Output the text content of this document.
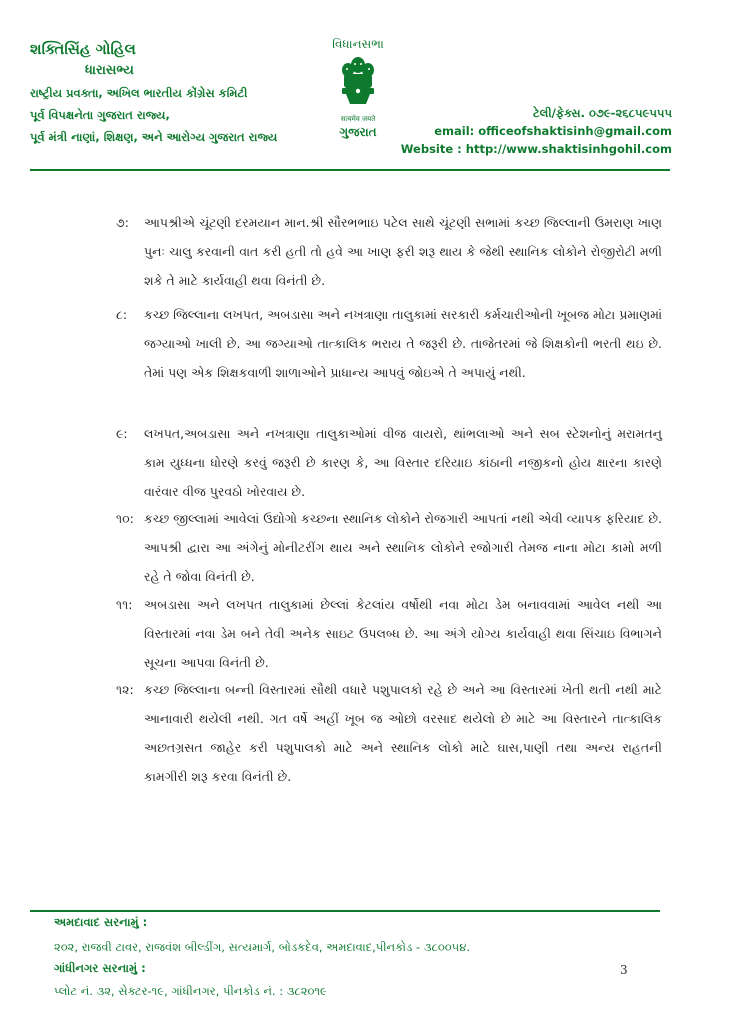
શક્તિસિંહ ગોહિલ
ધારાસભ્ય
રાષ્ટ્રીય પ્રવક્તા, અખિલ ભારતીય કોંગ્રેસ કમિટી
પૂર્વ વિપક્ષનેતા ગુજરાત રાજ્ય,
પૂર્વ મંત્રી નાણાં, શિક્ષણ, અને આરોગ્ય ગુજરાત રાજ્ય
વિધાનસભા
सत्यमेव जयते
ગુજરાત
ટેલી/ફેક્સ. ૦૭૯-૨૬૮૫૯૫૫૫
email: officeofshaktisinh@gmail.com
Website : http://www.shaktisinhgohil.com
૭:	આપશ્રીએ ચૂંટણી દરમયાન માન.શ્રી સૌરભભાઇ પટેલ સાથે ચૂંટણી સભામાં કચ્છ જિલ્લાની ઉમરાણ ખાણ પુનઃ ચાલુ કરવાની વાત કરી હતી તો હવે આ ખાણ ફરી શરૂ થાય કે જેથી સ્થાનિક લોકોને રોજીરોટી મળી શકે તે માટે કાર્યવાહી થવા વિનંતી છે.
૮:	કચ્છ જિલ્લાના લખપત, અબડાસા અને નખત્રાણા તાલુકામાં સરકારી કર્મચારીઓની ખૂબજ મોટા પ્રમાણમાં જગ્યાઓ ખાલી છે. આ જગ્યાઓ તાત્કાલિક ભરાય તે જરૂરી છે. તાજેતરમાં જે શિક્ષકોની ભરતી થઇ છે. તેમાં પણ એક શિક્ષકવાળી શાળાઓને પ્રાધાન્ય આપવું જોઇએ તે અપાયું નથી.
૯:	લખપત,અબડાસા અને નખત્રાણા તાલુકાઓમાં વીજ વાયરો, થાંભલાઓ અને સબ સ્ટેશનોનું મરામતનુ કામ યુધ્ધના ધોરણે કરવું જરૂરી છે કારણ કે, આ વિસ્તાર દરિયાઇ કાંઠાની નજીકનો હોય ક્ષારના કારણે વારંવાર વીજ પુરવઠો ખોરવાય છે.
૧૦: કચ્છ જીલ્લામાં આવેલાં ઉદ્યોગો કચ્છના સ્થાનિક લોકોને રોજગારી આપતાં નથી એવી વ્યાપક ફરિયાદ છે. આપશ્રી દ્વારા આ અંગેનું મોનીટરીંગ થાય અને સ્થાનિક લોકોને રજોગારી તેમજ નાના મોટા કામો મળી રહે તે જોવા વિનંતી છે.
૧૧: અબડાસા અને લખપત તાલુકામાં છેલ્લાં કેટલાંય વર્ષોથી નવા મોટા ડેમ બનાવવામાં આવેલ નથી આ વિસ્તારમાં નવા ડેમ બને તેવી અનેક સાઇટ ઉપલબ્ધ છે. આ અંગે યોગ્ય કાર્યવાહી થવા સિંચાઇ વિભાગને સૂચના આપવા વિનંતી છે.
૧૨: કચ્છ જિલ્લાના બન્ની વિસ્તારમાં સૌથી વધારે પશુપાલકો રહે છે અને આ વિસ્તારમાં ખેતી થતી નથી માટે આનાવારી થયેલી નથી. ગત વર્ષે અહીં ખૂબ જ ઓછો વરસાદ થયેલો છે માટે આ વિસ્તારને તાત્કાલિક અછતગ્રસત જાહેર કરી પશુપાલકો માટે અને સ્થાનિક લોકો માટે ઘાસ,પાણી તથા અન્ય રાહતની કામગીરી શરૂ કરવા વિનંતી છે.
અમદાવાદ સરનામું :
૨૦૨, રાજવી ટાવર, રાજવંશ બીલ્ડીંગ, સત્યમાર્ગ, બોડકદેવ, અમદાવાદ,પીનકોડ - ૩૮૦૦૫૪.
ગાંધીનગર સરનામું :
પ્લોટ નં. ૩૨, સેક્ટર-૧૯, ગાંધીનગર, પીનકોડ નં. : ૩૮૨૦૧૯
3
